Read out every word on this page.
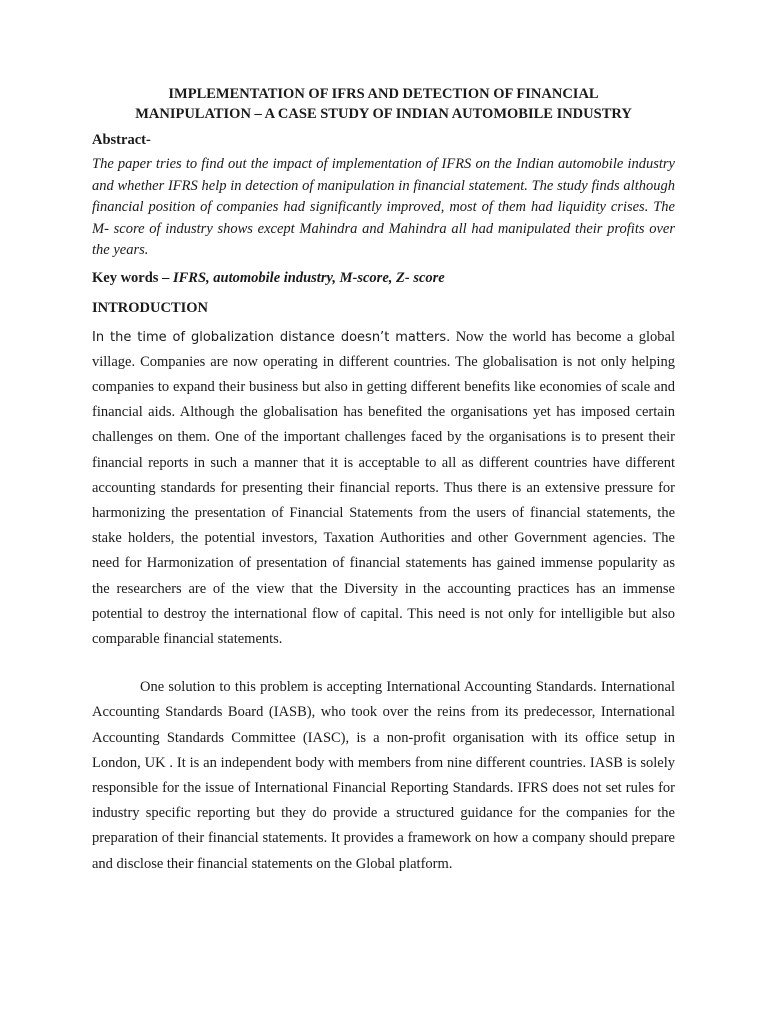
IMPLEMENTATION OF IFRS AND DETECTION OF FINANCIAL
MANIPULATION – A CASE STUDY OF INDIAN AUTOMOBILE INDUSTRY

Abstract-

The paper tries to find out the impact of implementation of IFRS on the Indian automobile industry and whether IFRS help in detection of manipulation in financial statement. The study finds although financial position of companies had significantly improved, most of them had liquidity crises. The M- score of industry shows except Mahindra and Mahindra all had manipulated their profits over the years.

Key words – IFRS, automobile industry, M-score, Z- score

INTRODUCTION

In the time of globalization distance doesn’t matters. Now the world has become a global village. Companies are now operating in different countries. The globalisation is not only helping companies to expand their business but also in getting different benefits like economies of scale and financial aids. Although the globalisation has benefited the organisations yet has imposed certain challenges on them. One of the important challenges faced by the organisations is to present their financial reports in such a manner that it is acceptable to all as different countries have different accounting standards for presenting their financial reports. Thus there is an extensive pressure for harmonizing the presentation of Financial Statements from the users of financial statements, the stake holders, the potential investors, Taxation Authorities and other Government agencies. The need for Harmonization of presentation of financial statements has gained immense popularity as the researchers are of the view that the Diversity in the accounting practices has an immense potential to destroy the international flow of capital. This need is not only for intelligible but also comparable financial statements.

One solution to this problem is accepting International Accounting Standards. International Accounting Standards Board (IASB), who took over the reins from its predecessor, International Accounting Standards Committee (IASC), is a non-profit organisation with its office setup in London, UK . It is an independent body with members from nine different countries. IASB is solely responsible for the issue of International Financial Reporting Standards. IFRS does not set rules for industry specific reporting but they do provide a structured guidance for the companies for the preparation of their financial statements. It provides a framework on how a company should prepare and disclose their financial statements on the Global platform.
